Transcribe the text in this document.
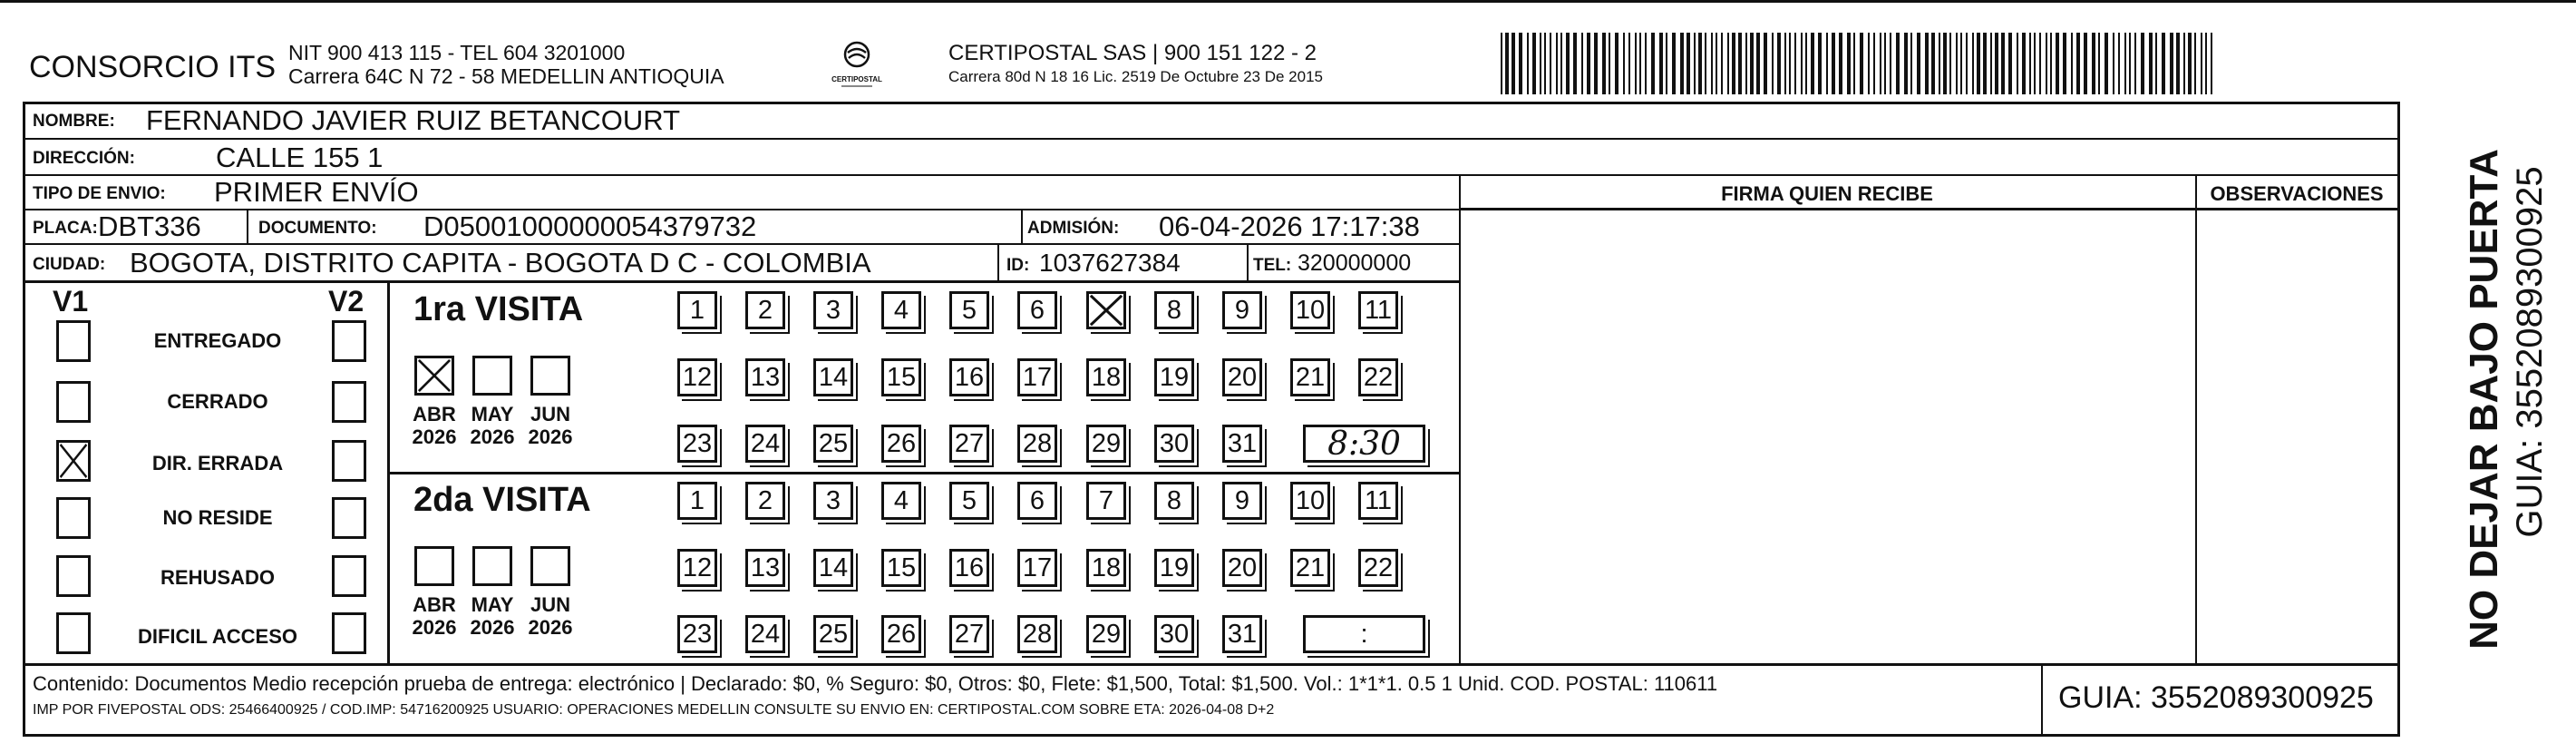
CONSORCIO ITS NIT 900 413 115 - TEL 604 3201000
Carrera 64C N 72 - 58 MEDELLIN ANTIOQUIA	CERTIPOSTAL
CERTIPOSTAL SAS | 900 151 122 - 2
Carrera 80d N 18 16 Lic. 2519 De Octubre 23 De 2015
FIRMA QUIEN RECIBE	OBSERVACIONES
NOMBRE: FERNANDO JAVIER RUIZ BETANCOURT
DIRECCIÓN:	CALLE 155 1
TIPO DE ENVIO: PRIMER ENVÍO
PLACA: DBT336	DOCUMENTO: D05001000000054379732	ADMISIÓN: 06-04-2026 17:17:38
CIUDAD: BOGOTA, DISTRITO CAPITA - BOGOTA D C - COLOMBIA	ID: 1037627384	TEL: 320000000
V1	V2
ENTREGADO
CERRADO
DIR. ERRADA
NO RESIDE
REHUSADO
DIFICIL ACCESO
1ra VISITA
ABR
2026
MAY
2026
JUN
2026
1	2	3	4	5	6	8	9	10 11
12 13 14 15 16 17 18 19 20 21 22
23 24 25 26 27 28 29 30 31	8:30
2da VISITA
ABR
2026
MAY
2026
JUN
2026
1	2	3	4	5	6	7	8	9	10 11
12 13 14 15 16 17 18 19 20 21 22
23 24 25 26 27 28 29 30 31	:
Contenido: Documentos Medio recepción prueba de entrega: electrónico | Declarado: $0, % Seguro: $0, Otros: $0, Flete: $1,500, Total: $1,500. Vol.: 1*1*1. 0.5 1 Unid. COD. POSTAL: 110611
IMP POR FIVEPOSTAL ODS: 25466400925 / COD.IMP: 54716200925 USUARIO: OPERACIONES MEDELLIN CONSULTE SU ENVIO EN: CERTIPOSTAL.COM SOBRE ETA: 2026-04-08 D+2	GUIA: 3552089300925
NO DEJAR BAJO PUERTA GUIA: 3552089300925
